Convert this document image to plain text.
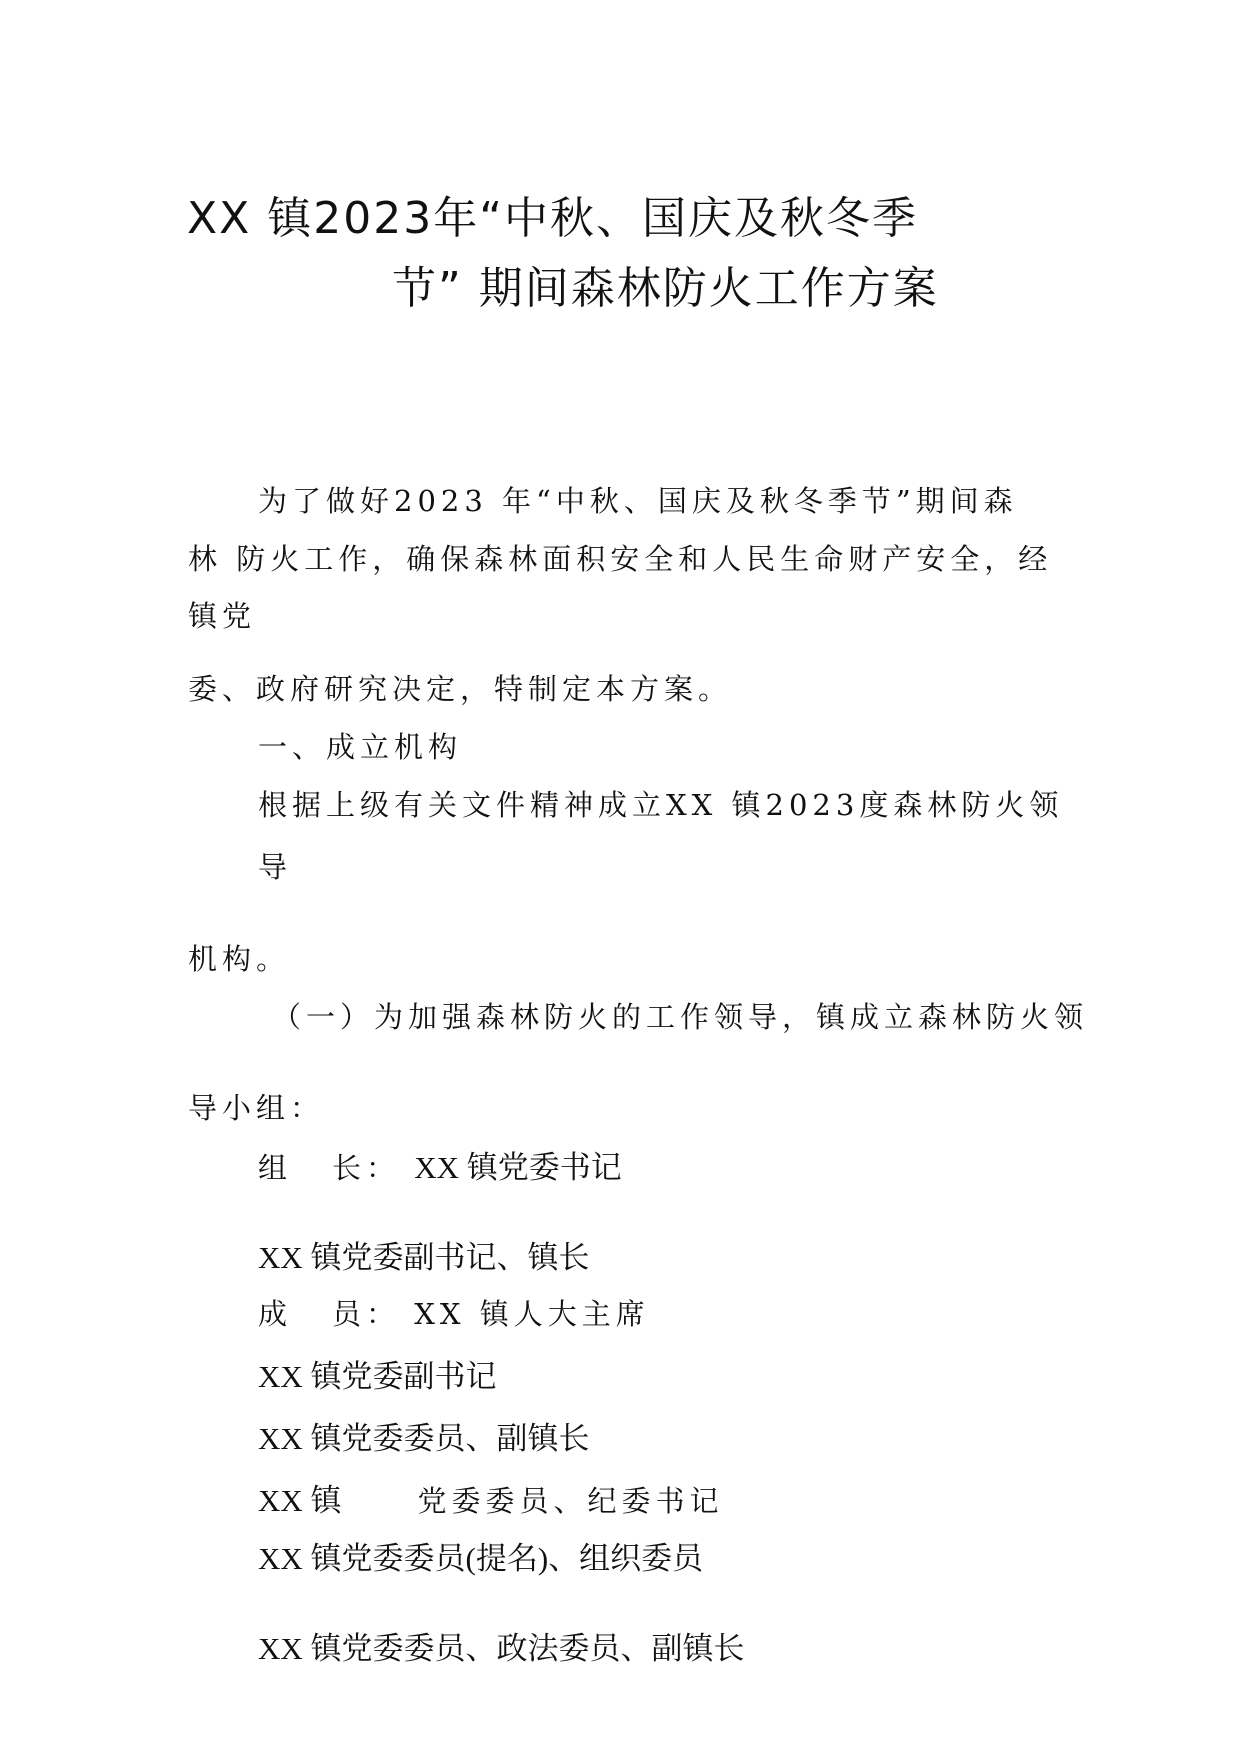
XX 镇2023年“中秋、国庆及秋冬季
节” 期间森林防火工作方案
为了做好2023 年“中秋、国庆及秋冬季节”期间森
林 防火工作，确保森林面积安全和人民生命财产安全，经
镇党
委、政府研究决定，特制定本方案。
一、成立机构
根据上级有关文件精神成立XX 镇2023度森林防火领
导
机构。
（一）为加强森林防火的工作领导，镇成立森林防火领
导小组：
组 长： XX 镇党委书记
XX 镇党委副书记、镇长
成 员： XX 镇人大主席
XX 镇党委副书记
XX 镇党委委员、副镇长
XX 镇	党委委员、纪委书记
XX 镇党委委员(提名)、组织委员
XX 镇党委委员、政法委员、副镇长
